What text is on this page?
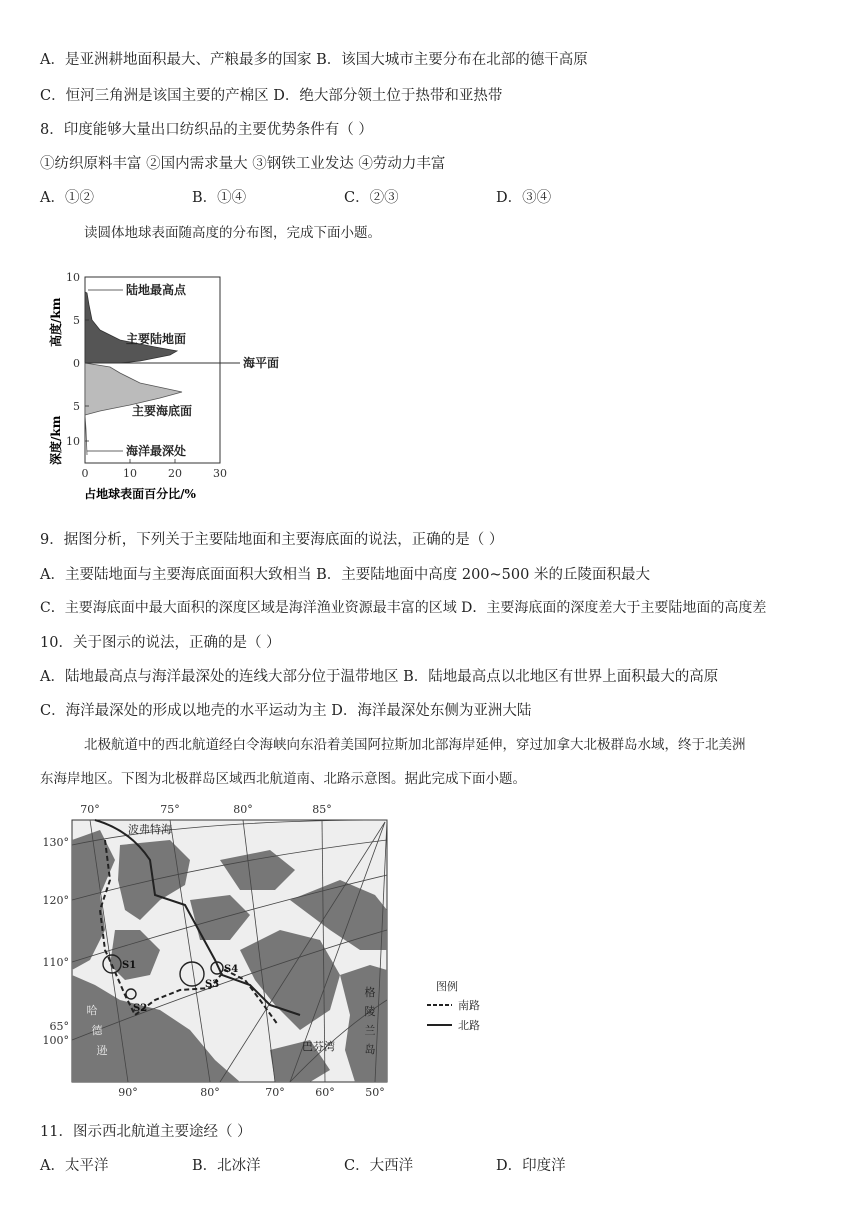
A．是亚洲耕地面积最大、产粮最多的国家 B．该国大城市主要分布在北部的德干高原
C．恒河三角洲是该国主要的产棉区 D．绝大部分领土位于热带和亚热带
8．印度能够大量出口纺织品的主要优势条件有（ ）
①纺织原料丰富 ②国内需求量大 ③钢铁工业发达 ④劳动力丰富
A．①②	B．①④	C．②③	D．③④
读圆体地球表面随高度的分布图，完成下面小题。
10
5
0
5
10
0	10	20	30
占地球表面百分比/%
高度/km
深度/km
陆地最高点
主要陆地面
海平面
主要海底面
海洋最深处
9．据图分析，下列关于主要陆地面和主要海底面的说法，正确的是（ ）
A．主要陆地面与主要海底面面积大致相当 B．主要陆地面中高度 200~500 米的丘陵面积最大
C．主要海底面中最大面积的深度区域是海洋渔业资源最丰富的区域 D．主要海底面的深度差大于主要陆地面的高度差
10．关于图示的说法，正确的是（ ）
A．陆地最高点与海洋最深处的连线大部分位于温带地区 B．陆地最高点以北地区有世界上面积最大的高原
C．海洋最深处的形成以地壳的水平运动为主 D．海洋最深处东侧为亚洲大陆
北极航道中的西北航道经白令海峡向东沿着美国阿拉斯加北部海岸延伸，穿过加拿大北极群岛水域，终于北美洲
东海岸地区。下图为北极群岛区域西北航道南、北路示意图。据此完成下面小题。
70°	75°	80°	85°
90°	80°	70°	60°	50°
130°
120°
110°
100°
65°
S1
S2
S3
S4
波弗特海
巴芬湾
格
陵
兰
岛
哈
德
逊
图例
南路
北路
11．图示西北航道主要途经（ ）
A．太平洋	B．北冰洋	C．大西洋	D．印度洋
